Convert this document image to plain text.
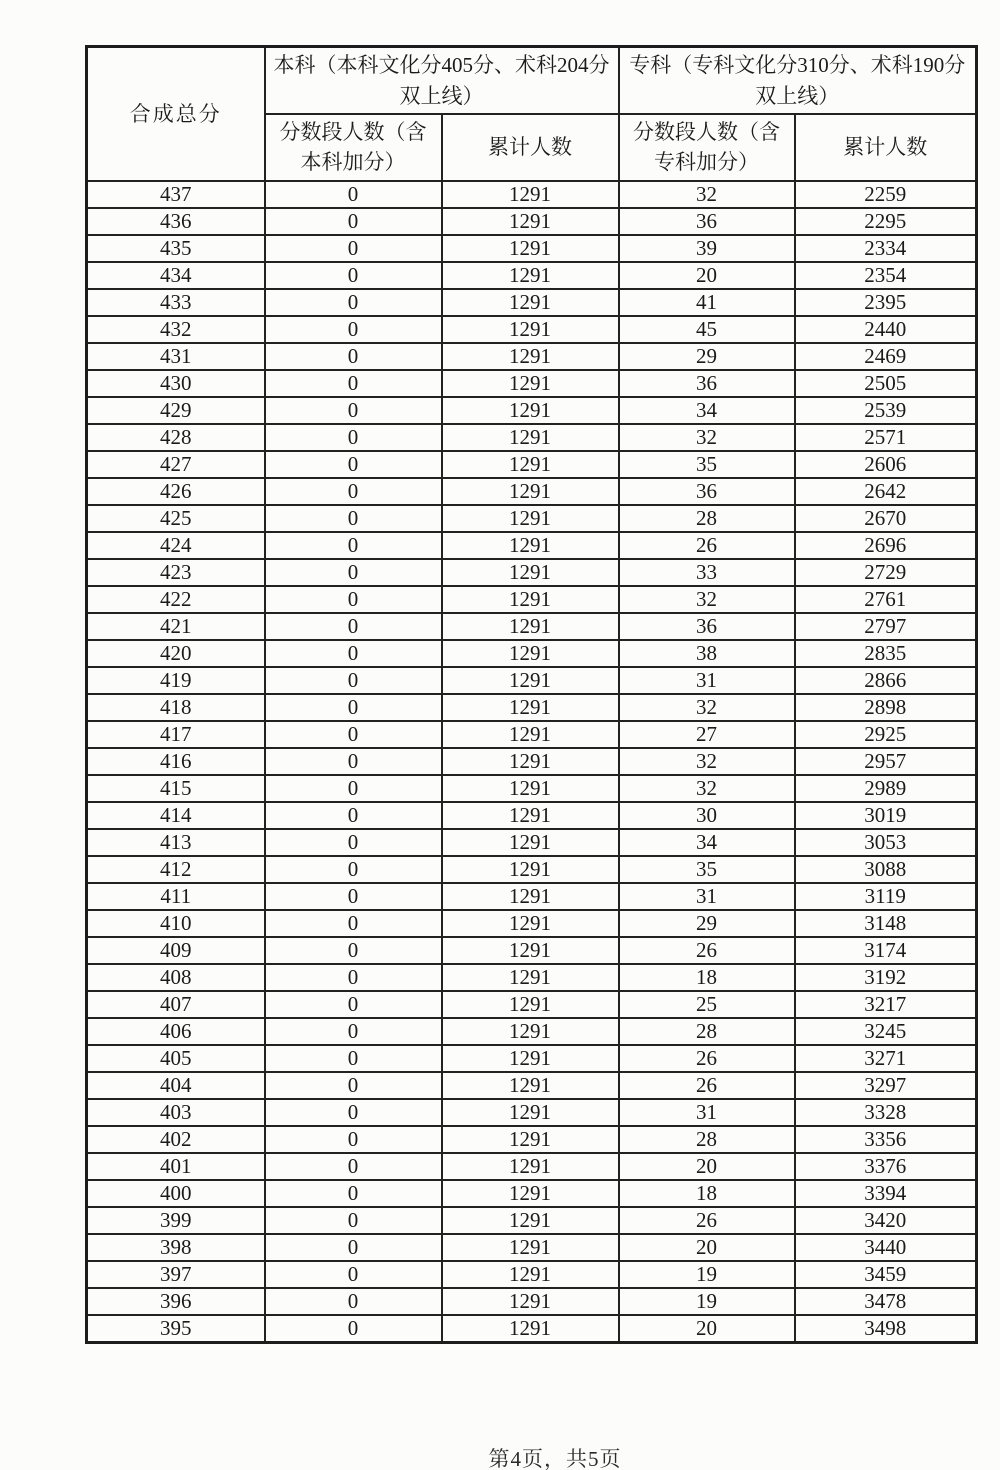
合成总分	本科（本科文化分405分、术科204分双上线）		专科（专科文化分310分、术科190分双上线）	
	分数段人数（含本科加分）	累计人数	分数段人数（含专科加分）	累计人数
437	0	1291	32	2259
436	0	1291	36	2295
435	0	1291	39	2334
434	0	1291	20	2354
433	0	1291	41	2395
432	0	1291	45	2440
431	0	1291	29	2469
430	0	1291	36	2505
429	0	1291	34	2539
428	0	1291	32	2571
427	0	1291	35	2606
426	0	1291	36	2642
425	0	1291	28	2670
424	0	1291	26	2696
423	0	1291	33	2729
422	0	1291	32	2761
421	0	1291	36	2797
420	0	1291	38	2835
419	0	1291	31	2866
418	0	1291	32	2898
417	0	1291	27	2925
416	0	1291	32	2957
415	0	1291	32	2989
414	0	1291	30	3019
413	0	1291	34	3053
412	0	1291	35	3088
411	0	1291	31	3119
410	0	1291	29	3148
409	0	1291	26	3174
408	0	1291	18	3192
407	0	1291	25	3217
406	0	1291	28	3245
405	0	1291	26	3271
404	0	1291	26	3297
403	0	1291	31	3328
402	0	1291	28	3356
401	0	1291	20	3376
400	0	1291	18	3394
399	0	1291	26	3420
398	0	1291	20	3440
397	0	1291	19	3459
396	0	1291	19	3478
395	0	1291	20	3498
第4页，共5页
